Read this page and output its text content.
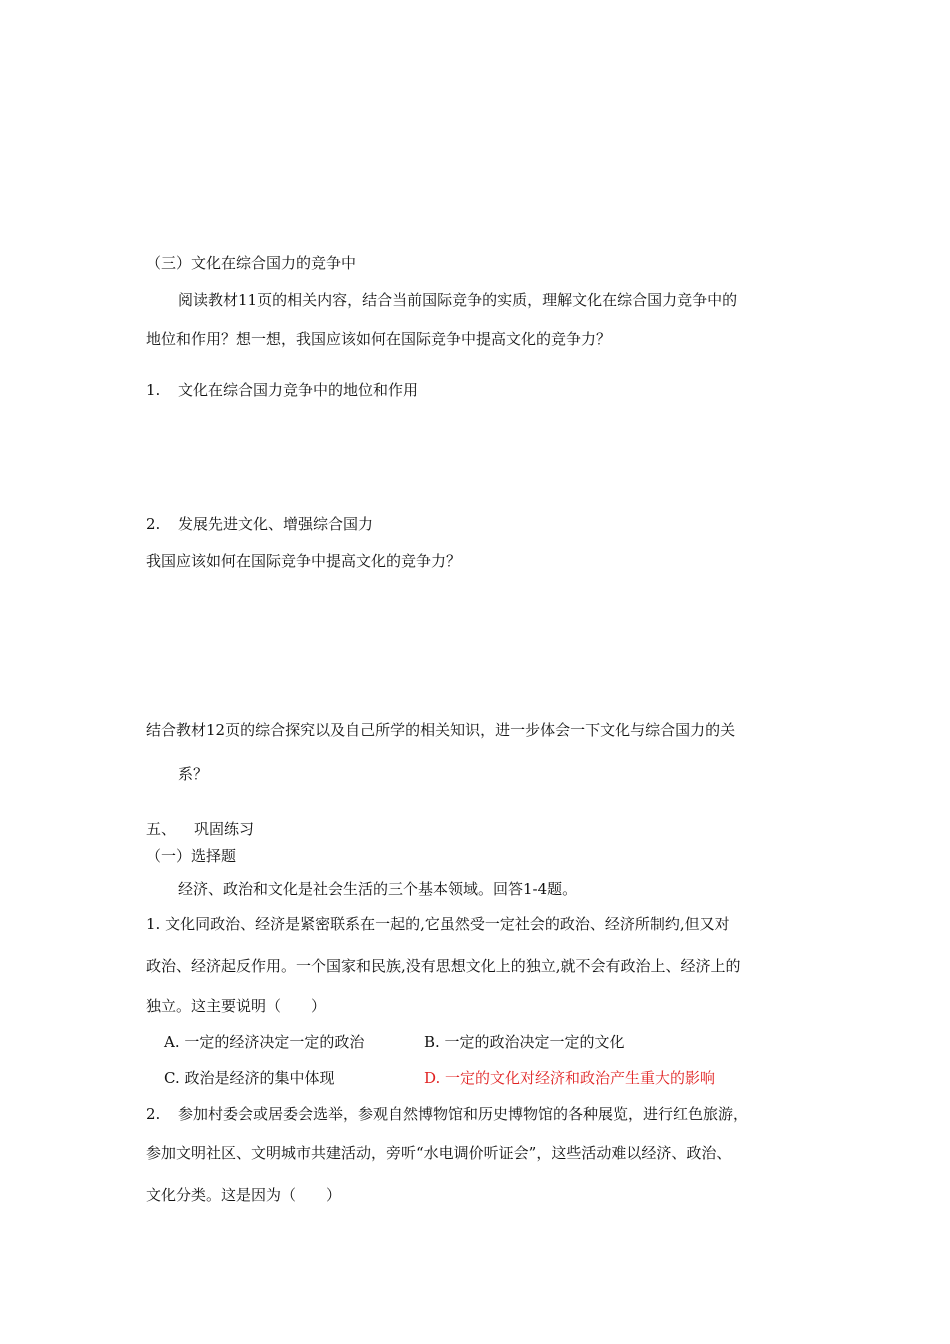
（三）文化在综合国力的竞争中
阅读教材11页的相关内容，结合当前国际竞争的实质，理解文化在综合国力竞争中的
地位和作用？想一想，我国应该如何在国际竞争中提高文化的竞争力？
1. 文化在综合国力竞争中的地位和作用
2. 发展先进文化、增强综合国力
我国应该如何在国际竞争中提高文化的竞争力？
结合教材12页的综合探究以及自己所学的相关知识，进一步体会一下文化与综合国力的关
系？
五、 巩固练习
（一）选择题
经济、政治和文化是社会生活的三个基本领域。回答1-4题。
1. 文化同政治、经济是紧密联系在一起的,它虽然受一定社会的政治、经济所制约,但又对
政治、经济起反作用。一个国家和民族,没有思想文化上的独立,就不会有政治上、经济上的
独立。这主要说明（　　）
A. 一定的经济决定一定的政治	B. 一定的政治决定一定的文化
C. 政治是经济的集中体现	D. 一定的文化对经济和政治产生重大的影响
2. 参加村委会或居委会选举，参观自然博物馆和历史博物馆的各种展览，进行红色旅游，
参加文明社区、文明城市共建活动，旁听“水电调价听证会”，这些活动难以经济、政治、
文化分类。这是因为（　　）
